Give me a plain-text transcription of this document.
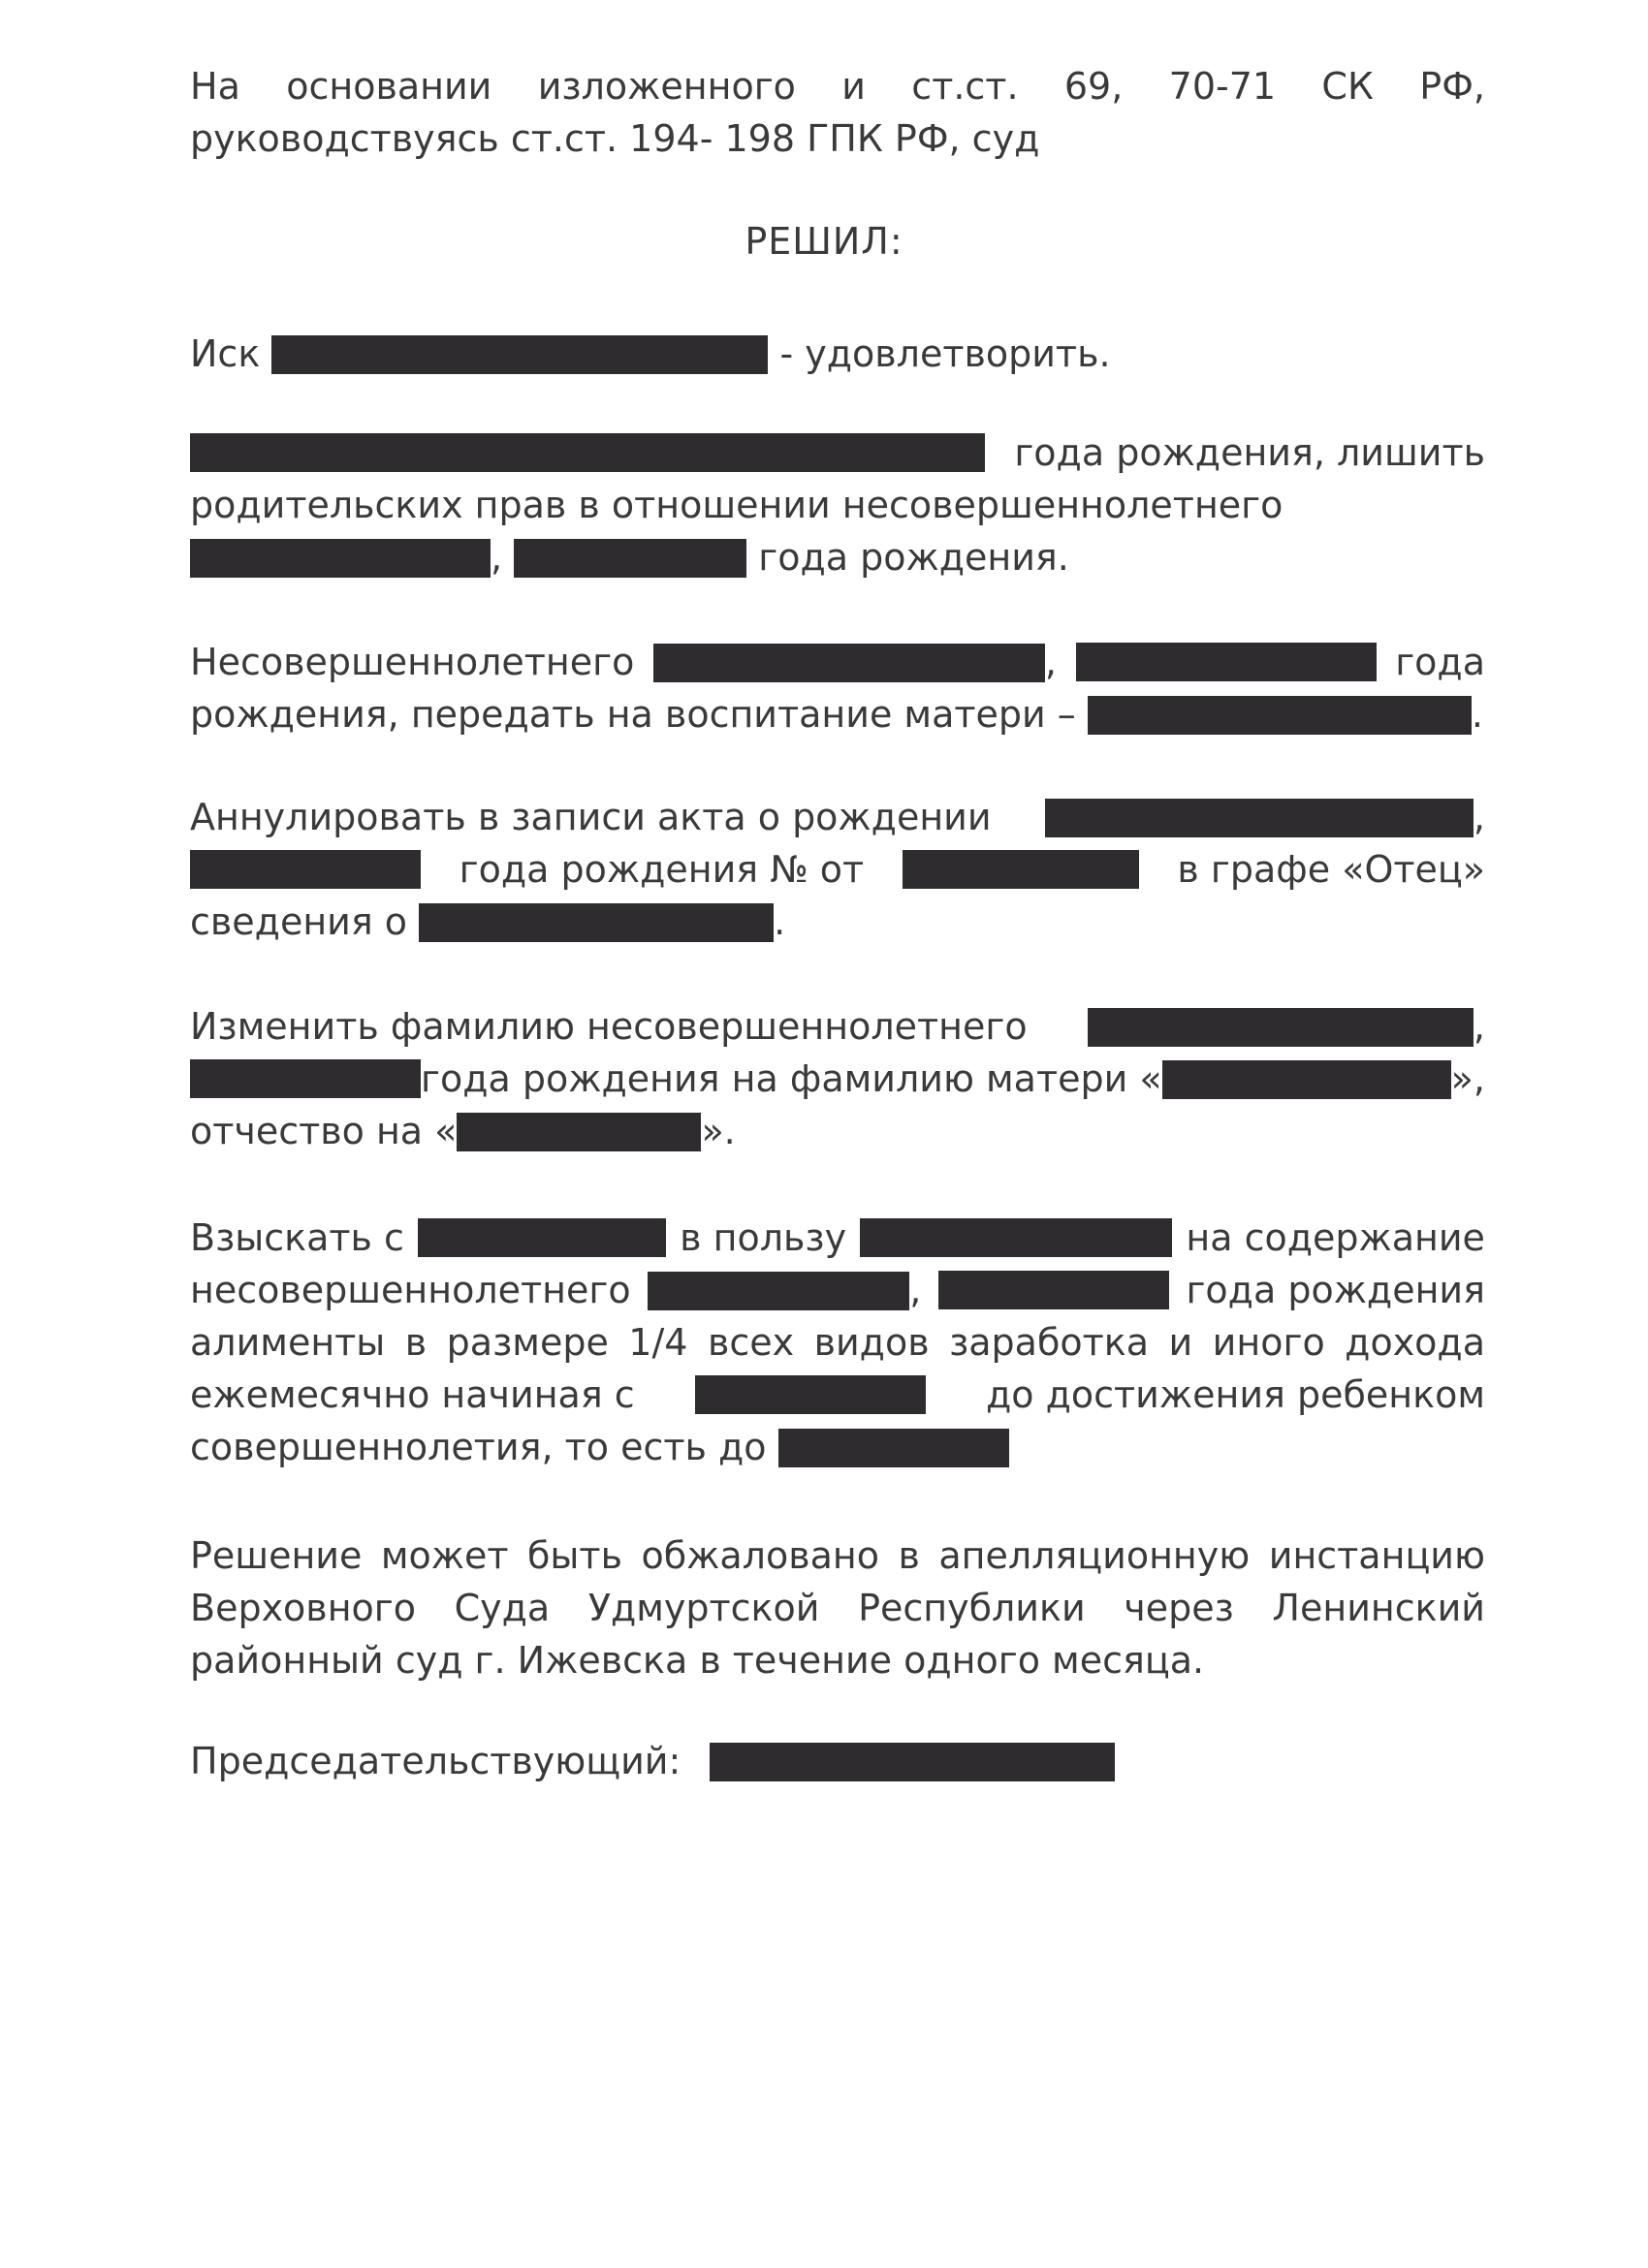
На основании изложенного и ст.ст. 69, 70-71 СК РФ,
руководствуясь ст.ст. 194- 198 ГПК РФ, суд
РЕШИЛ:
Иск	- удовлетворить.
года рождения, лишить
родительских прав в отношении несовершеннолетнего
,	года рождения.
Несовершеннолетнего	,	года
рождения, передать на воспитание матери –	.
Аннулировать в записи акта о рождении	,
года рождения № от	в графе «Отец»
сведения о	.
Изменить фамилию несовершеннолетнего	,
года рождения на фамилию матери «	»,
отчество на «	».
Взыскать с	в пользу	на содержание
несовершеннолетнего	,	года рождения
алименты в размере 1/4 всех видов заработка и иного дохода
ежемесячно начиная с	до достижения ребенком
совершеннолетия, то есть до
Решение может быть обжаловано в апелляционную инстанцию
Верховного Суда Удмуртской Республики через Ленинский
районный суд г. Ижевска в течение одного месяца.
Председательствующий:
